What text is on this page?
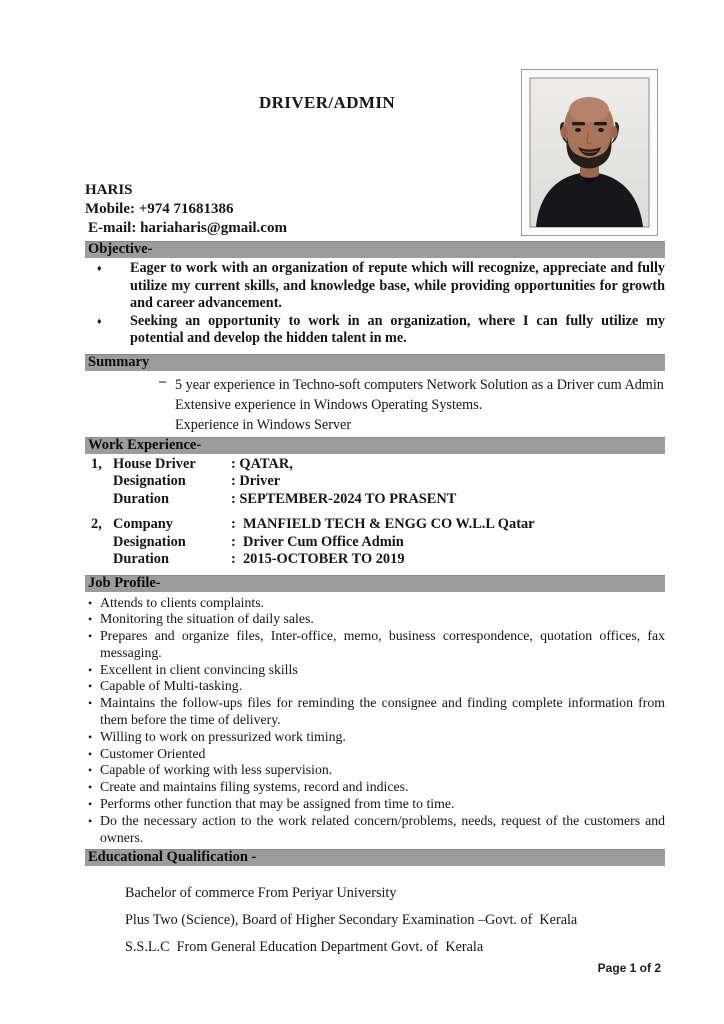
DRIVER/ADMIN
HARIS
Mobile: +974 71681386
E-mail: hariaharis@gmail.com
Objective-
♦	Eager to work with an organization of repute which will recognize, appreciate and fully utilize my current skills, and knowledge base, while providing opportunities for growth and career advancement.
♦	Seeking an opportunity to work in an organization, where I can fully utilize my potential and develop the hidden talent in me.
Summary
– 5 year experience in Techno-soft computers Network Solution as a Driver cum Admin
Extensive experience in Windows Operating Systems.
Experience in Windows Server
Work Experience-
1, House Driver	: QATAR,
Designation	: Driver
Duration	: SEPTEMBER-2024 TO PRASENT
2, Company	:  MANFIELD TECH & ENGG CO W.L.L Qatar
Designation	:  Driver Cum Office Admin
Duration	:  2015-OCTOBER TO 2019
Job Profile-
• Attends to clients complaints.
• Monitoring the situation of daily sales.
• Prepares and organize files, Inter-office, memo, business correspondence, quotation offices, fax messaging.
• Excellent in client convincing skills
• Capable of Multi-tasking.
• Maintains the follow-ups files for reminding the consignee and finding complete information from them before the time of delivery.
• Willing to work on pressurized work timing.
• Customer Oriented
• Capable of working with less supervision.
• Create and maintains filing systems, record and indices.
• Performs other function that may be assigned from time to time.
• Do the necessary action to the work related concern/problems, needs, request of the customers and owners.
Educational Qualification -
Bachelor of commerce From Periyar University
Plus Two (Science), Board of Higher Secondary Examination –Govt. of  Kerala
S.S.L.C  From General Education Department Govt. of  Kerala
Page 1 of 2
